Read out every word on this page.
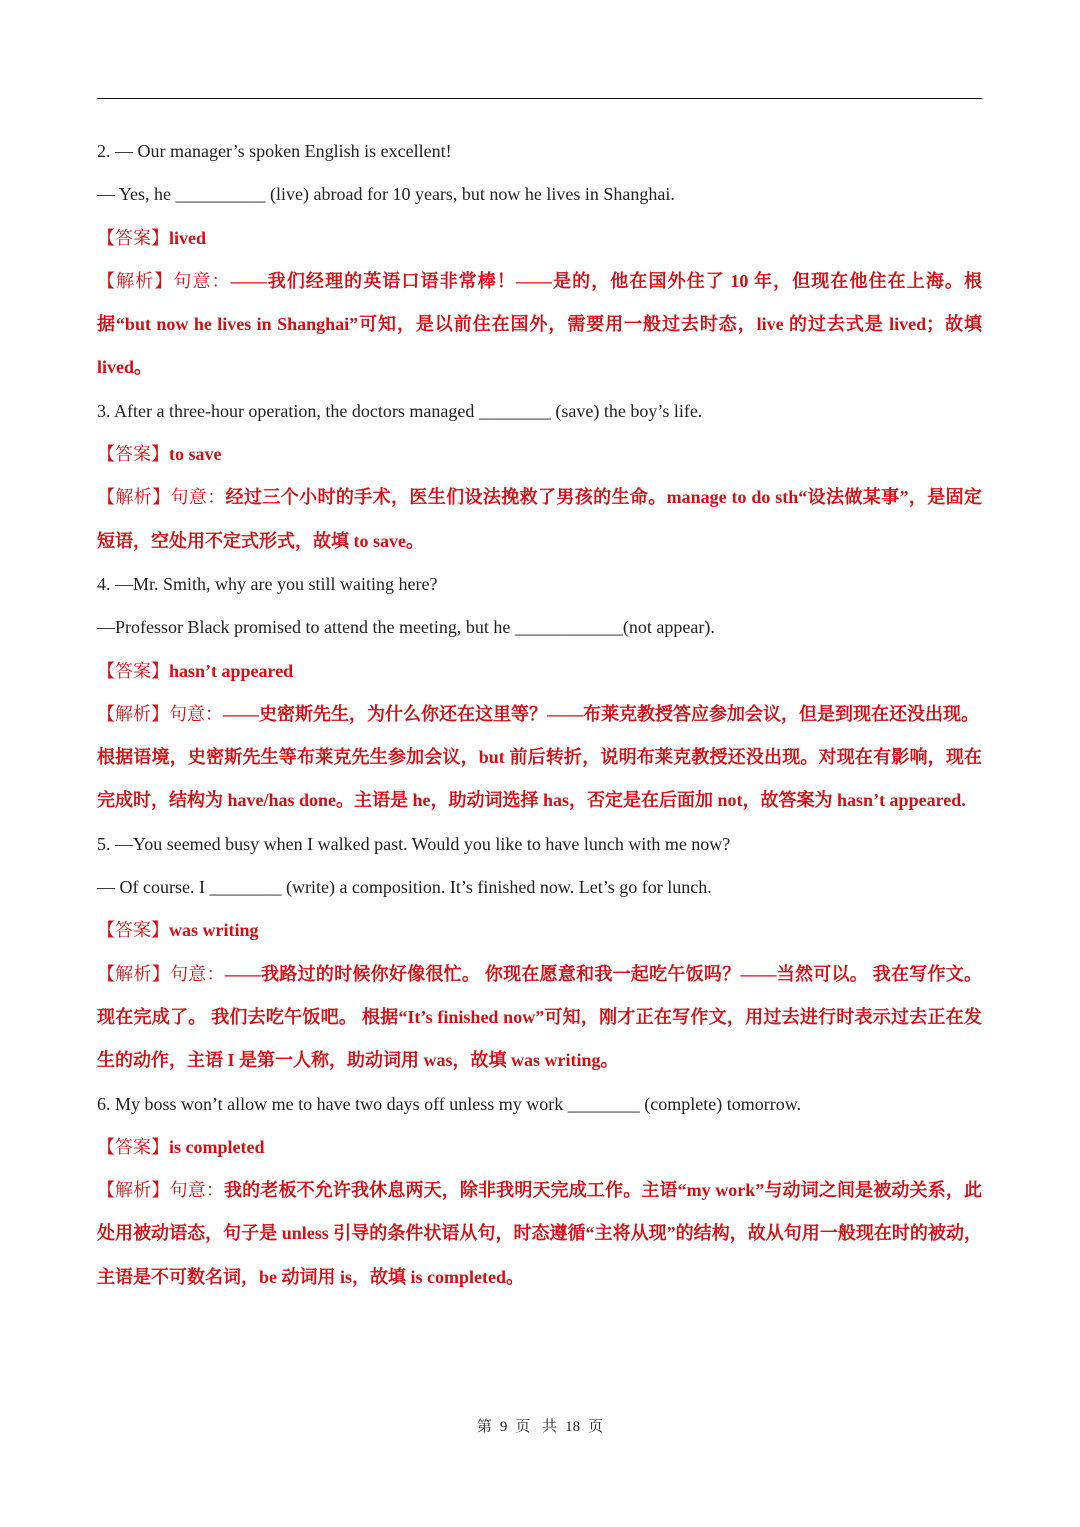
2. — Our manager’s spoken English is excellent!

— Yes, he __________ (live) abroad for 10 years, but now he lives in Shanghai.

【答案】lived

【解析】句意：——我们经理的英语口语非常棒！——是的，他在国外住了 10 年，但现在他住在上海。根据“but now he lives in Shanghai”可知，是以前住在国外，需要用一般过去时态，live 的过去式是 lived；故填 lived。

3. After a three-hour operation, the doctors managed ________ (save) the boy’s life.

【答案】to save

【解析】句意：经过三个小时的手术，医生们设法挽救了男孩的生命。manage to do sth“设法做某事”，是固定短语，空处用不定式形式，故填 to save。

4. —Mr. Smith, why are you still waiting here?

—Professor Black promised to attend the meeting, but he ____________(not appear).

【答案】hasn’t appeared

【解析】句意：——史密斯先生，为什么你还在这里等？——布莱克教授答应参加会议，但是到现在还没出现。

根据语境，史密斯先生等布莱克先生参加会议，but 前后转折，说明布莱克教授还没出现。对现在有影响，现在完成时，结构为 have/has done。主语是 he，助动词选择 has，否定是在后面加 not，故答案为 hasn’t appeared.

5. —You seemed busy when I walked past. Would you like to have lunch with me now?

— Of course. I ________ (write) a composition. It’s finished now. Let’s go for lunch.

【答案】was writing

【解析】句意：——我路过的时候你好像很忙。 你现在愿意和我一起吃午饭吗？——当然可以。 我在写作文。 现在完成了。 我们去吃午饭吧。 根据“It’s finished now”可知，刚才正在写作文，用过去进行时表示过去正在发生的动作，主语 I 是第一人称，助动词用 was，故填 was writing。

6. My boss won’t allow me to have two days off unless my work ________ (complete) tomorrow.

【答案】is completed

【解析】句意：我的老板不允许我休息两天，除非我明天完成工作。主语“my work”与动词之间是被动关系，此处用被动语态，句子是 unless 引导的条件状语从句，时态遵循“主将从现”的结构，故从句用一般现在时的被动，主语是不可数名词，be 动词用 is，故填 is completed。

第 9 页 共 18 页
